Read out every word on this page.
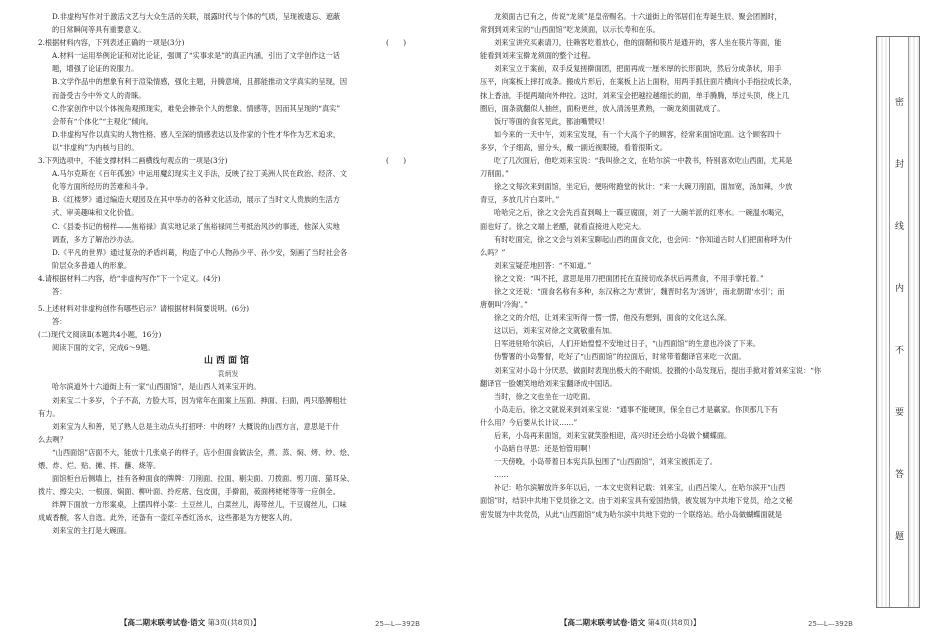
D.非虚构写作对于激活文艺与大众生活的关联，展露时代与个体的气质，呈现被遗忘、遮蔽
的日常瞬间等具有重要意义。
2.根据材料内容，下列表述正确的一项是(3分)	(　　)
A.材料一运用举例论证和对比论证，强调了“实事求是”的真正内涵，引出了文学创作这一话
题，增强了论证的说服力。
B.文学作品中的想象有利于渲染情感，强化主题，升腾意境，且都能推动文学真实的呈现，因
而备受古今中外文人的青睐。
C.作家创作中以个体视角观照现实，难免会掺杂个人的想象、情感等，因而其呈现的“真实”
会带有“个体化”“主观化”倾向。
D.非虚构写作以真实的人物性格、感人至深的情感表达以及作家的个性才华作为艺术追求，
以“非虚构”为内核与目的。
3.下列选项中，不能支撑材料二画横线句观点的一项是(3分)	(　　)
A.马尔克斯在《百年孤独》中运用魔幻现实主义手法，反映了拉丁美洲人民在政治、经济、文
化等方面所经历的苦难和斗争。
B.《红楼梦》通过编造大观园及在其中举办的各种文化活动，展示了当时文人贵族的生活方
式、审美趣味和文化价值。
C.《县委书记的榜样——焦裕禄》真实地记录了焦裕禄同兰考抵治风沙的事迹，他深入实地
调查，多方了解治沙办法。
D.《平凡的世界》通过复杂的矛盾纠葛，构造了中心人物孙少平、孙少安，刻画了当时社会各
阶层众多普通人的形象。
4.请根据材料二内容，给“非虚构写作”下一个定义。(4分)
答：
5.上述材料对非虚构创作有哪些启示？请根据材料简要说明。(6分)
答：
(二)现代文阅读Ⅱ(本题共4小题，16分)
阅读下面的文字，完成6～9题。
山西面馆
袁炳发
哈尔滨道外十六道街上有一家“山西面馆”，是山西人刘来宝开的。
刘来宝二十多岁，个子不高，方脸大耳，因为常年在面案上压面、抻面、扫面，两只胳膊粗壮
有力。
刘来宝为人和善，见了熟人总是主动点头打招呼：中的呀？大概说的山西方言，意思是干什
么去咧？
“山西面馆”店面不大，能放十几张桌子的样子，店小但面食做法全，煮、蒸、焖、烤、炒、烩、
煨、炸、烂、贴、摊、拌、蘸、烧等。
面馆柜台后侧墙上，挂有各种面食的牌牌：刀削面、拉面、剔尖面、刀拨面、剪刀面、猫耳朵、
拨片、擦尖尖、一根面、焖面、柳叶面、拎疙瘩、包皮面，手擀面，莜面栲栳栳等等一应俱全。
绊牌下面放一方形案桌，上摆四样小菜：土豆丝儿，白菜丝儿，海带丝儿，干豆腐丝儿，口味
成咸香酸，客人自选。此外，还备有一壶红辛香红汤水，这些都是为方便客人的。
刘来宝的主打是大碗面。
【高二期末联考试卷·语文 第3页(共8页)】	25—L—392B
龙须面古已有之，传说“龙须”是皇帝赐名。十六道街上的邻居们在寿诞生辰、聚会团圆时，
常到到刘来宝的“山西面馆”吃龙须面，以示长寿和在乐。
刘来宝讲究买素请刀，往赖客吃着放心，他的面鞘和筷片是通开的，客人坐在筷片等面，能
能看到刘来宝擀龙须面的整个过程。
刘来宝立于案前，双手反复搓擀面团，把面再成一厘米厚的长形面块，然后分成条状，用手
压平，向案板上摔打成条。搬成片形后，在案板上沾上面粉，用两手抓住面片横向小手指拉成长条，
抹上香油，手提两端向外伸拉。这时，刘来宝会把越拉越细长的面，单手腾腾，举过头顶，绕上几
圈后，面条就翻似人抽丝，面粉更丝，放入清汤里煮熟，一碗龙须面就成了。
饭厅等面的食客见此，都油嘴赞叹！
如今来的一天中午，刘来宝发现，有一个大高个子的顾客，经常来面馆吃面。这个顾客四十
多岁，个子细高，留分头，戴一副近视眼镜，看着很斯文。
吃了几次面后，他吃刘来宝说：“我叫徐之文，在哈尔滨一中教书，特别喜欢吃山西面，尤其是
刀削面。”
徐之文每次来到面馆，坐定后，便吩咐跑堂的伙计：“来一大碗刀削面，面加宽，汤加辣，少放
青豆，多放几片白菜叶。”
哈哈完之后，徐之文会先舀直到喝上一碟豆腐面，刘了一大碗羊派的红枣水。一碗温水喝完，
面也好了。徐之文端上老醋，就看直接进入吃完大。
有时吃面完，徐之文会与刘来宝聊起山西的面食文化，也会问：“你知道古时人们把面称呼为什
么吗？”
刘来宝疑茫地回答：“不知道。”
徐之文说：“叫不托，意思是用刀把面团托在直接切成条状后再煮食，不用手掌托着。”
徐之文还说：“面食名称有多种，东汉称之为‘煮饼’，魏晋时名为‘汤饼’，南北朝谓‘水引’；而
唐朝叫‘冷淘’。”
徐之文的介绍，让刘来宝听得一愣一愣，他没有想到，面食的文化这么深。
这以后，刘来宝对徐之文就敬重有加。
日军进驻哈尔滨后，人们开始惶惶不安地过日子，“山西面馆”的生意也冷淡了下来。
伪警署的小岛警督，吃好了“山西面馆”的拉面后，时常带着翻译官来吃一次面。
刘来宝对小岛十分厌恶，做面时表现出极大的不耐烦。狡猾的小岛发现后，提出手掀对着刘来宝说：“你
翻译官一脸媚笑地给刘来宝翻译成中国话。
当时，徐之文也坐在一边吃面。
小岛走后，徐之文就说来到刘来宝说：“通事不能硬顶，保全自己才是赢家。你顶那几下有
什么用？今后要从长计议……”
后来，小岛再来面馆，刘来宝就笑脸相迎，高兴时还会给小岛做个蝴蝶面。
小岛暗自寻思：还是怕管用啊！
一天傍晚，小岛带着日本宪兵队包围了“山西面馆”，刘来宝被抓走了。
……
补记：哈尔滨解放许多年以后，一本文史资料记载：刘来宝，山西吕梁人，在哈尔滨开“山西
面馆”时，结识中共地下党员徐之文。由于刘来宝具有爱国热情，被发展为中共地下党员，给之文秘
密发展为中共党员，从此“山西面馆”成为哈尔滨中共地下党的一个联络站。给小岛做蝴蝶面就是
【高二期末联考试卷·语文 第4页(共8页)】	25—L—392B
密
封
线
内
不
要
答
题
